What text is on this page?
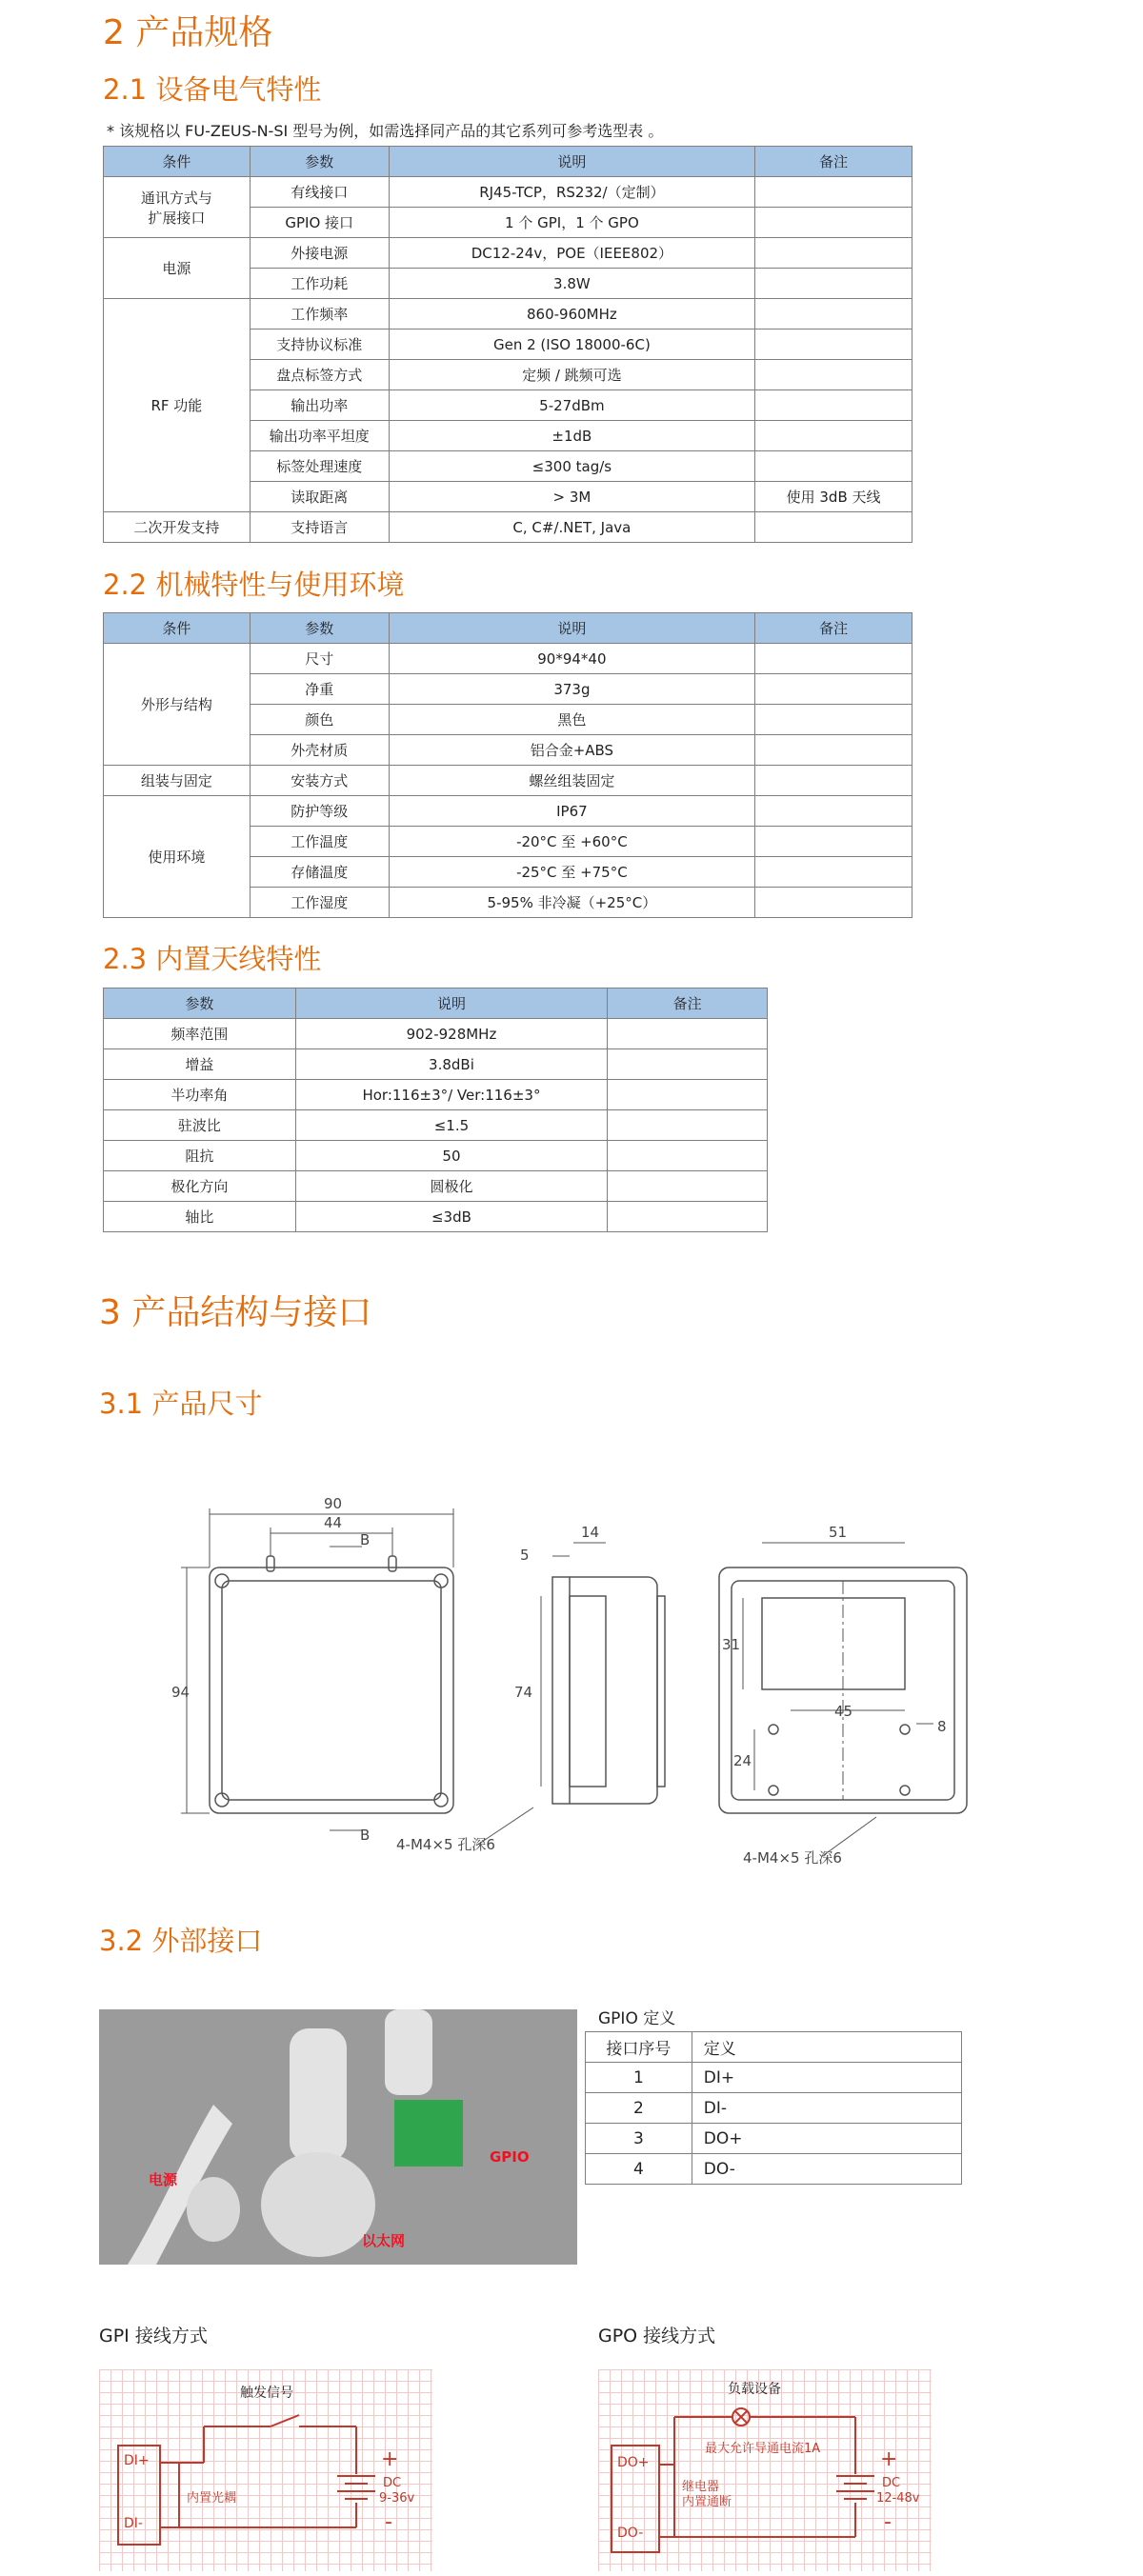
2 产品规格
2.1 设备电气特性
* 该规格以 FU-ZEUS-N-SI 型号为例，如需选择同产品的其它系列可参考选型表 。
条件	参数	说明	备注
通讯方式与
扩展接口	有线接口	RJ45-TCP，RS232/（定制）	
	GPIO 接口	1 个 GPI，1 个 GPO	
电源	外接电源	DC12-24v，POE（IEEE802）	
	工作功耗	3.8W	
RF 功能	工作频率	860-960MHz	
	支持协议标准	Gen 2 (ISO 18000-6C)	
	盘点标签方式	定频 / 跳频可选	
	输出功率	5-27dBm	
	输出功率平坦度	±1dB	
	标签处理速度	≤300 tag/s	
	读取距离	> 3M	使用 3dB 天线
二次开发支持	支持语言	C, C#/.NET, Java	
2.2 机械特性与使用环境
条件	参数	说明	备注
外形与结构	尺寸	90*94*40	
	净重	373g	
	颜色	黑色	
	外壳材质	铝合金+ABS	
组装与固定	安装方式	螺丝组装固定	
使用环境	防护等级	IP67	
	工作温度	-20°C 至 +60°C	
	存储温度	-25°C 至 +75°C	
	工作湿度	5-95% 非冷凝（+25°C）	
2.3 内置天线特性
参数	说明	备注
频率范围	902-928MHz	
增益	3.8dBi	
半功率角	Hor:116±3°/ Ver:116±3°	
驻波比	≤1.5	
阻抗	50	
极化方向	圆极化	
轴比	≤3dB	
3 产品结构与接口
3.1 产品尺寸
90
44
94
B
B
14
5
74
4-M4×5 孔深6
51
31
45
8
24
4-M4×5 孔深6
3.2 外部接口
电源
GPIO
以太网
GPIO 定义
接口序号	定义
1	DI+
2	DI-
3	DO+
4	DO-
GPI 接线方式
触发信号
DI+
DI-
内置光耦
+
-
DC
9-36v
GPO 接线方式
负载设备
最大允许导通电流1A
DO+
DO-
继电器
内置通断
+
-
DC
12-48v
